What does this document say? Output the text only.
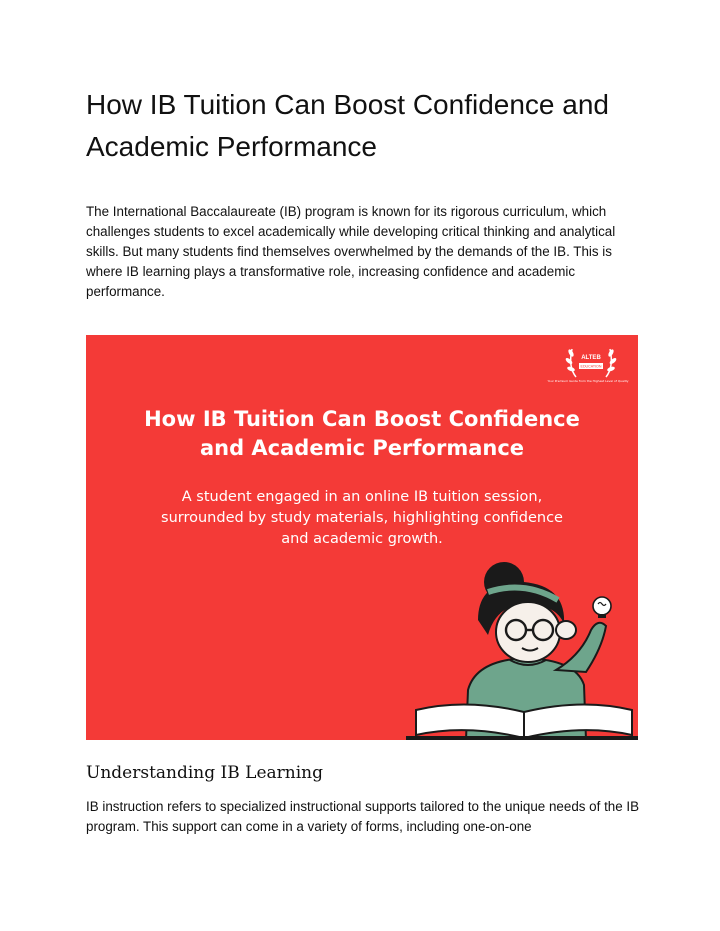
How IB Tuition Can Boost Confidence and Academic Performance

The International Baccalaureate (IB) program is known for its rigorous curriculum, which challenges students to excel academically while developing critical thinking and analytical skills. But many students find themselves overwhelmed by the demands of the IB. This is where IB learning plays a transformative role, increasing confidence and academic performance.

ALTEB
EDUCATION
Your Premium Guide from the Highest Level of Quality
How IB Tuition Can Boost Confidence
and Academic Performance
A student engaged in an online IB tuition session,
surrounded by study materials, highlighting confidence
and academic growth.
Understanding IB Learning

IB instruction refers to specialized instructional supports tailored to the unique needs of the IB program. This support can come in a variety of forms, including one-on-one
